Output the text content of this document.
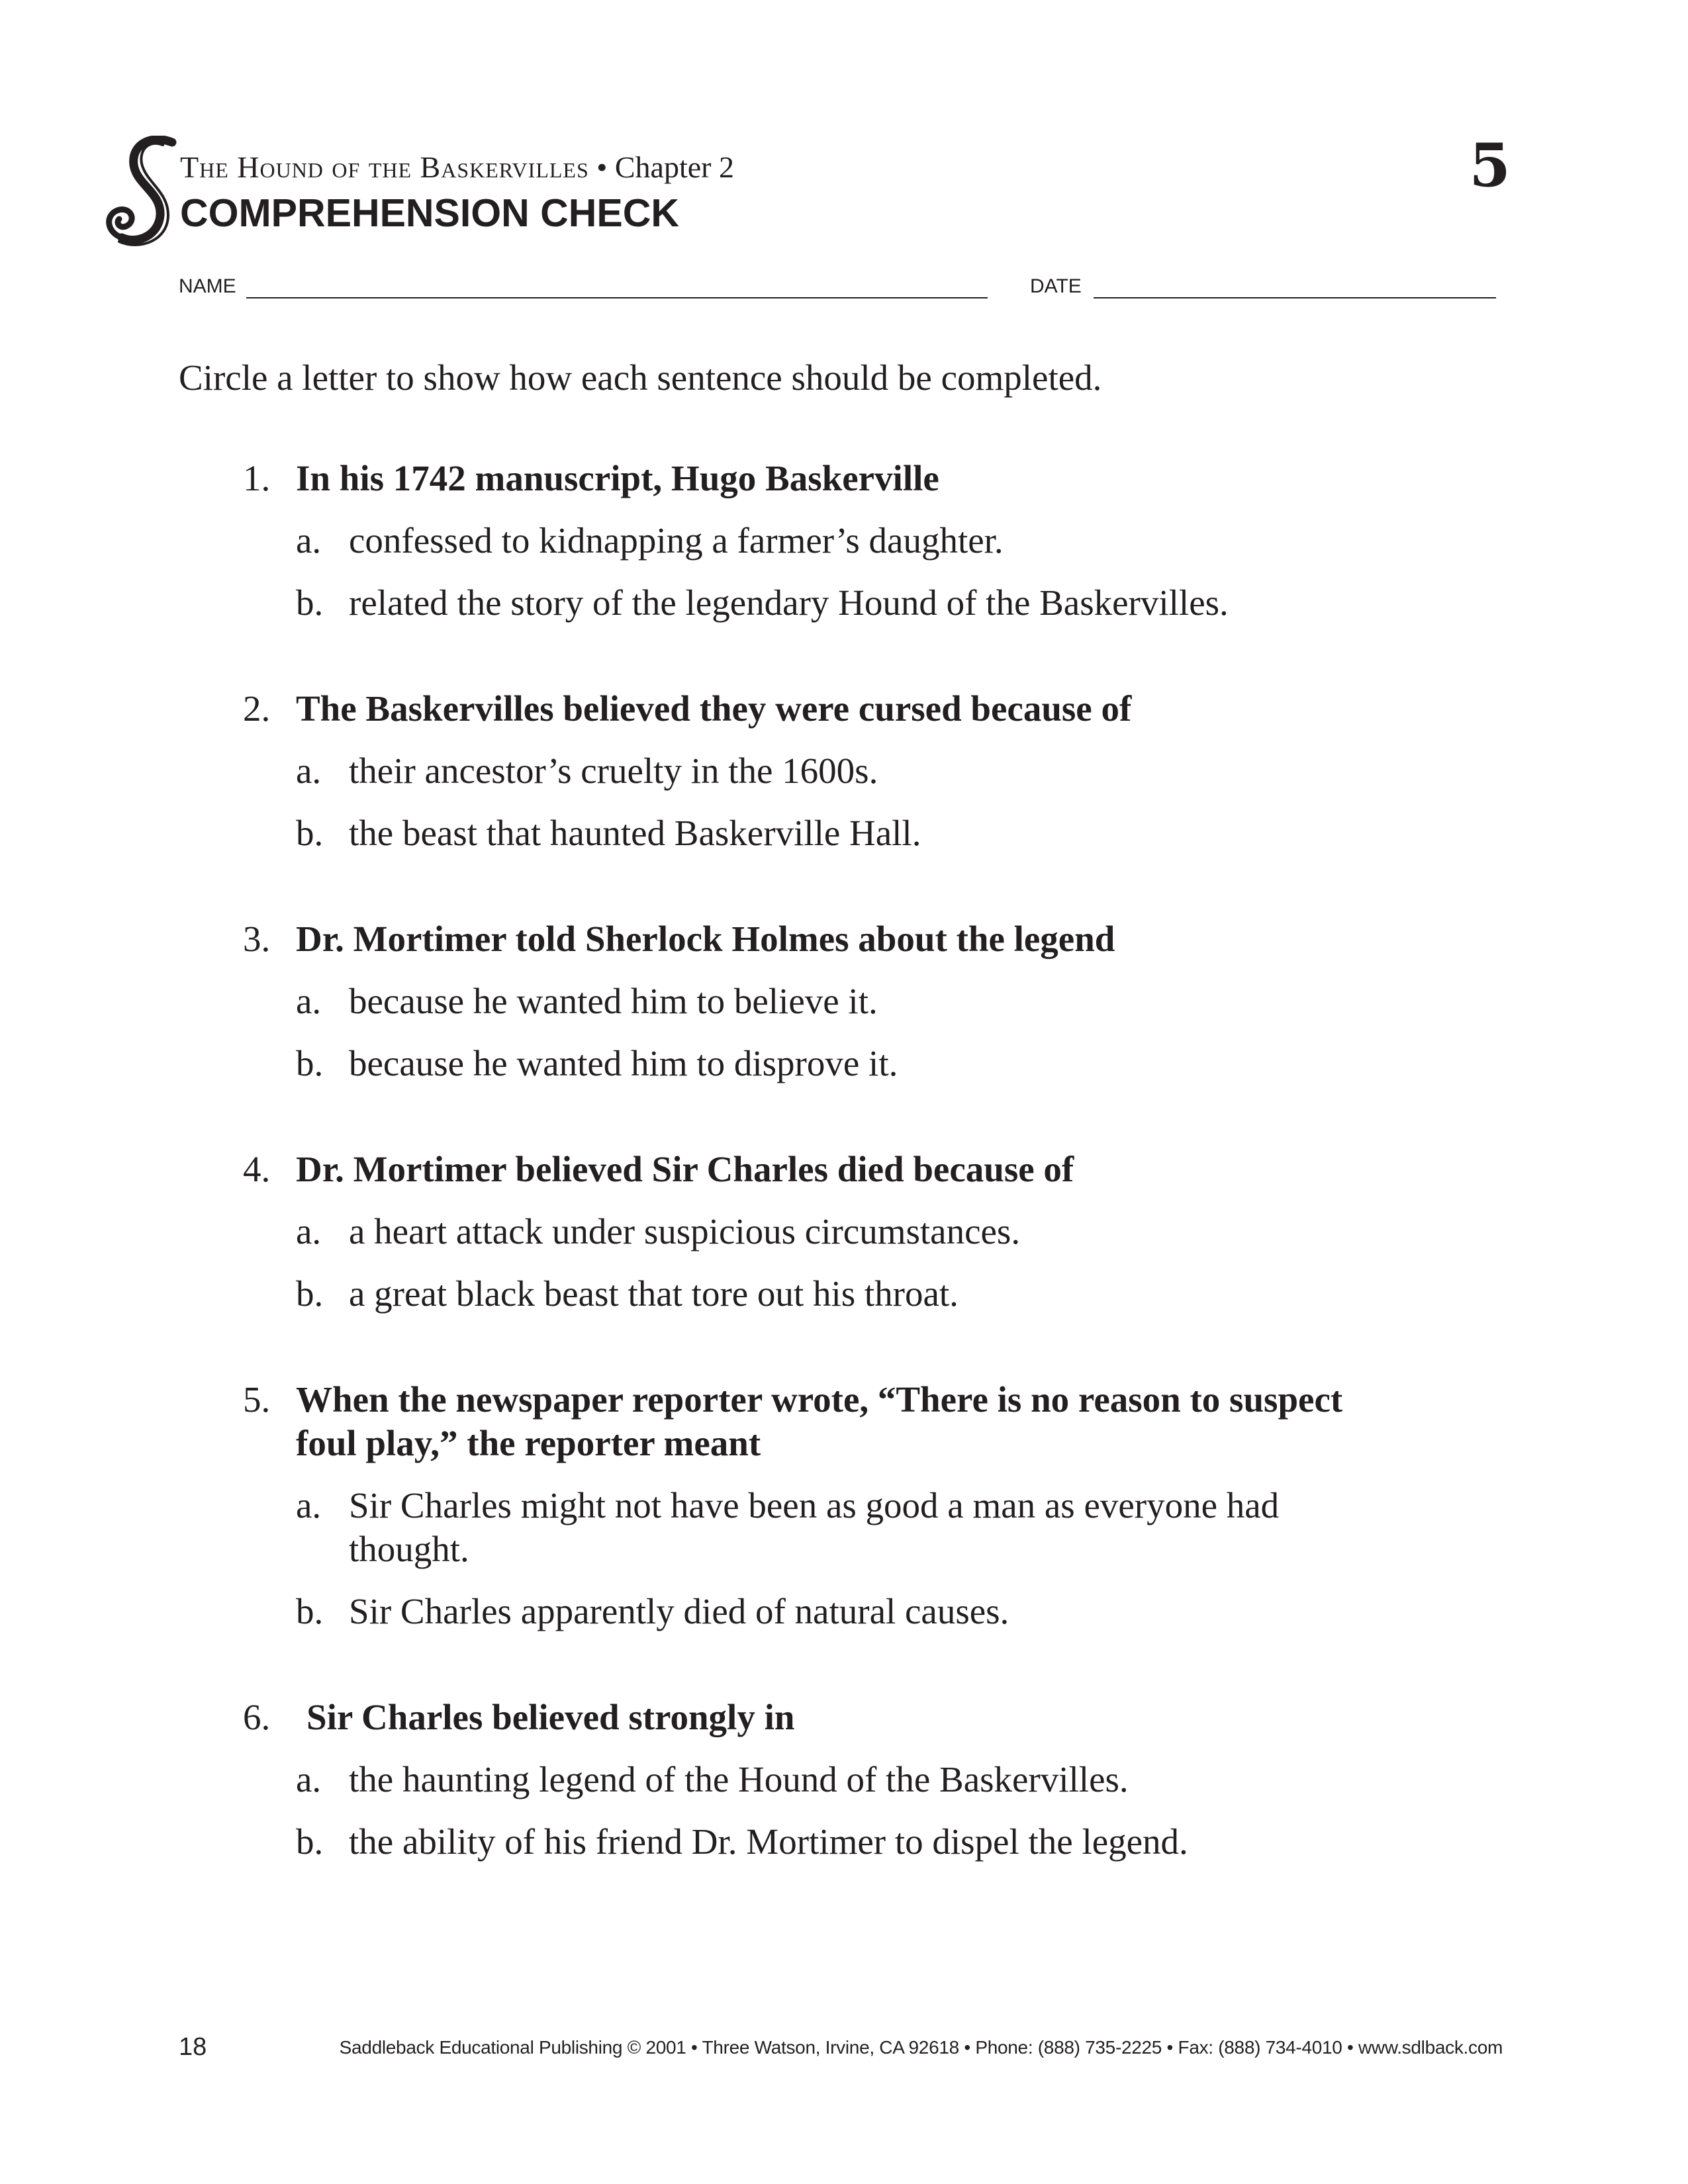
The Hound of the Baskervilles • Chapter 2
COMPREHENSION CHECK
5
NAME	DATE
Circle a letter to show how each sentence should be completed.
1. In his 1742 manuscript, Hugo Baskerville
a. confessed to kidnapping a farmer’s daughter.
b. related the story of the legendary Hound of the Baskervilles.
2. The Baskervilles believed they were cursed because of
a. their ancestor’s cruelty in the 1600s.
b. the beast that haunted Baskerville Hall.
3. Dr. Mortimer told Sherlock Holmes about the legend
a. because he wanted him to believe it.
b. because he wanted him to disprove it.
4. Dr. Mortimer believed Sir Charles died because of
a. a heart attack under suspicious circumstances.
b. a great black beast that tore out his throat.
5. When the newspaper reporter wrote, “There is no reason to suspect foul play,” the reporter meant
a. Sir Charles might not have been as good a man as everyone had thought.
b. Sir Charles apparently died of natural causes.
6. Sir Charles believed strongly in
a. the haunting legend of the Hound of the Baskervilles.
b. the ability of his friend Dr. Mortimer to dispel the legend.
18	Saddleback Educational Publishing © 2001 • Three Watson, Irvine, CA 92618 • Phone: (888) 735-2225 • Fax: (888) 734-4010 • www.sdlback.com
